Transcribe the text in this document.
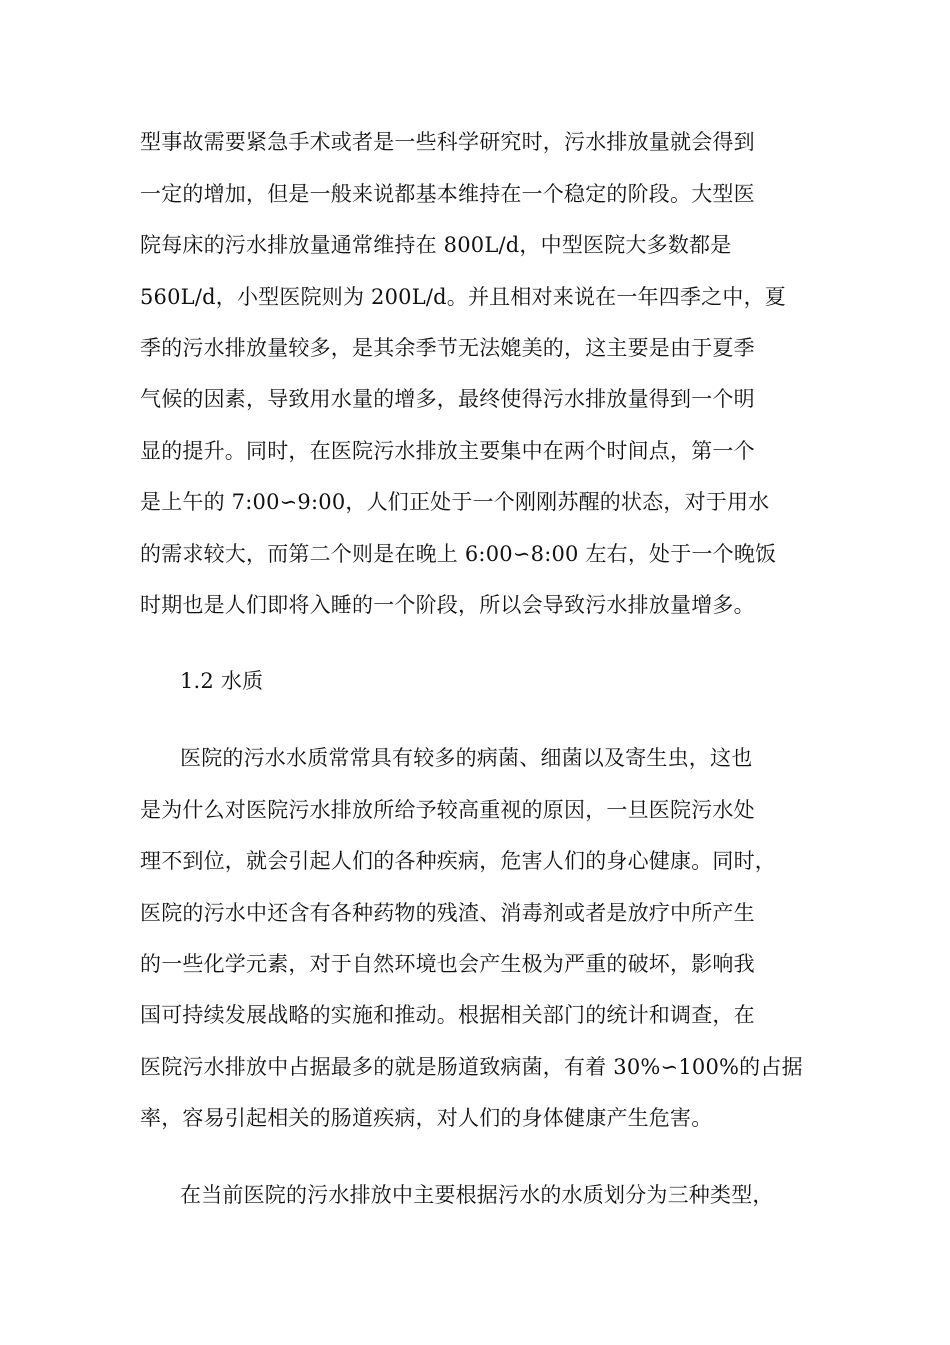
型事故需要紧急手术或者是一些科学研究时，污水排放量就会得到
一定的增加，但是一般来说都基本维持在一个稳定的阶段。大型医
院每床的污水排放量通常维持在 800L/d，中型医院大多数都是
560L/d，小型医院则为 200L/d。并且相对来说在一年四季之中，夏
季的污水排放量较多，是其余季节无法媲美的，这主要是由于夏季
气候的因素，导致用水量的增多，最终使得污水排放量得到一个明
显的提升。同时，在医院污水排放主要集中在两个时间点，第一个
是上午的 7:00∽9:00，人们正处于一个刚刚苏醒的状态，对于用水
的需求较大，而第二个则是在晚上 6:00∽8:00 左右，处于一个晚饭
时期也是人们即将入睡的一个阶段，所以会导致污水排放量增多。
1.2 水质
医院的污水水质常常具有较多的病菌、细菌以及寄生虫，这也
是为什么对医院污水排放所给予较高重视的原因，一旦医院污水处
理不到位，就会引起人们的各种疾病，危害人们的身心健康。同时，
医院的污水中还含有各种药物的残渣、消毒剂或者是放疗中所产生
的一些化学元素，对于自然环境也会产生极为严重的破坏，影响我
国可持续发展战略的实施和推动。根据相关部门的统计和调查，在
医院污水排放中占据最多的就是肠道致病菌，有着 30%∽100%的占据
率，容易引起相关的肠道疾病，对人们的身体健康产生危害。
在当前医院的污水排放中主要根据污水的水质划分为三种类型，
